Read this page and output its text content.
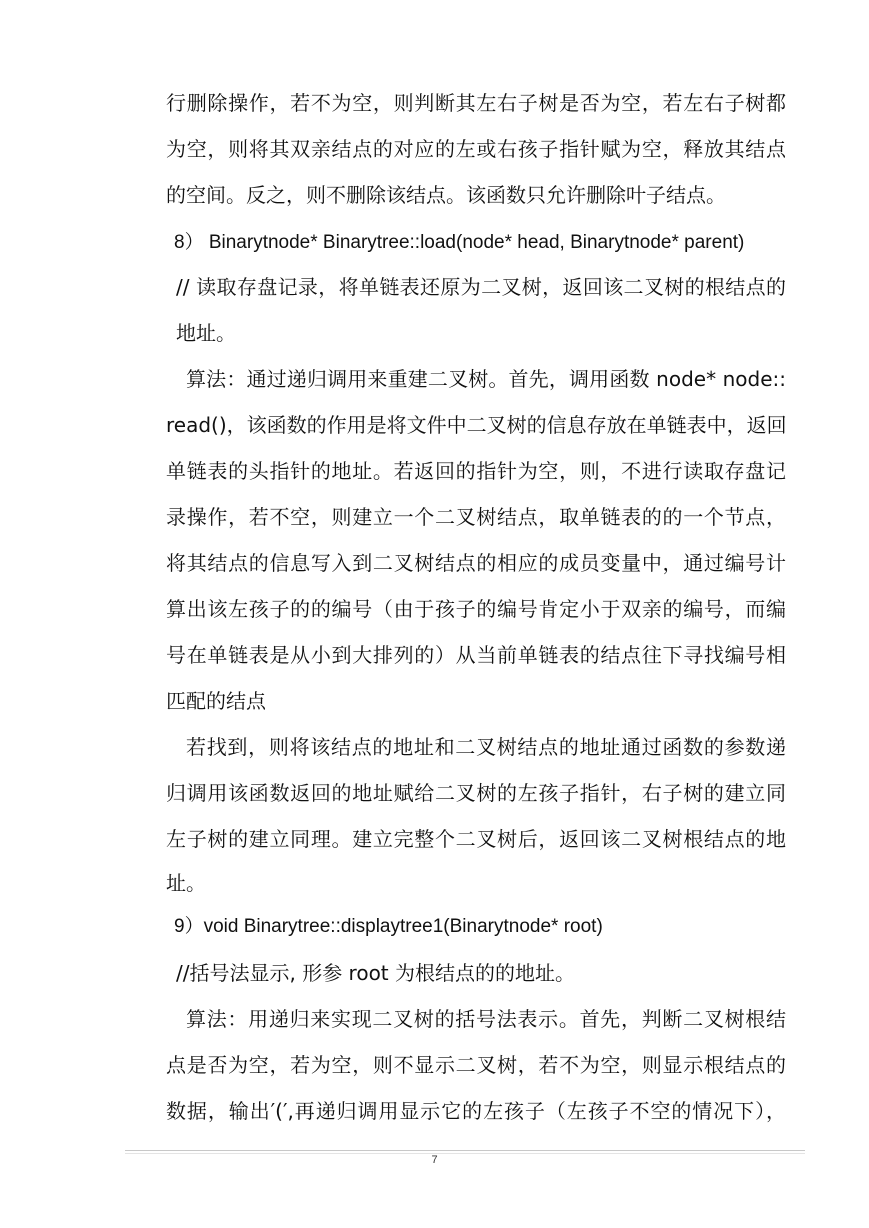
行删除操作，若不为空，则判断其左右子树是否为空，若左右子树都
为空，则将其双亲结点的对应的左或右孩子指针赋为空，释放其结点
的空间。反之，则不删除该结点。该函数只允许删除叶子结点。
8） Binarytnode* Binarytree::load(node* head, Binarytnode* parent)
// 读取存盘记录，将单链表还原为二叉树，返回该二叉树的根结点的
地址。
算法：通过递归调用来重建二叉树。首先，调用函数 node* node::
read()，该函数的作用是将文件中二叉树的信息存放在单链表中，返回
单链表的头指针的地址。若返回的指针为空，则，不进行读取存盘记
录操作，若不空，则建立一个二叉树结点，取单链表的的一个节点，
将其结点的信息写入到二叉树结点的相应的成员变量中，通过编号计
算出该左孩子的的编号（由于孩子的编号肯定小于双亲的编号，而编
号在单链表是从小到大排列的）从当前单链表的结点往下寻找编号相
匹配的结点
若找到，则将该结点的地址和二叉树结点的地址通过函数的参数递
归调用该函数返回的地址赋给二叉树的左孩子指针，右子树的建立同
左子树的建立同理。建立完整个二叉树后，返回该二叉树根结点的地
址。
9）void Binarytree::displaytree1(Binarytnode* root)
//括号法显示, 形参 root 为根结点的的地址。
算法：用递归来实现二叉树的括号法表示。首先，判断二叉树根结
点是否为空，若为空，则不显示二叉树，若不为空，则显示根结点的
数据，输出′(′,再递归调用显示它的左孩子（左孩子不空的情况下），
7
